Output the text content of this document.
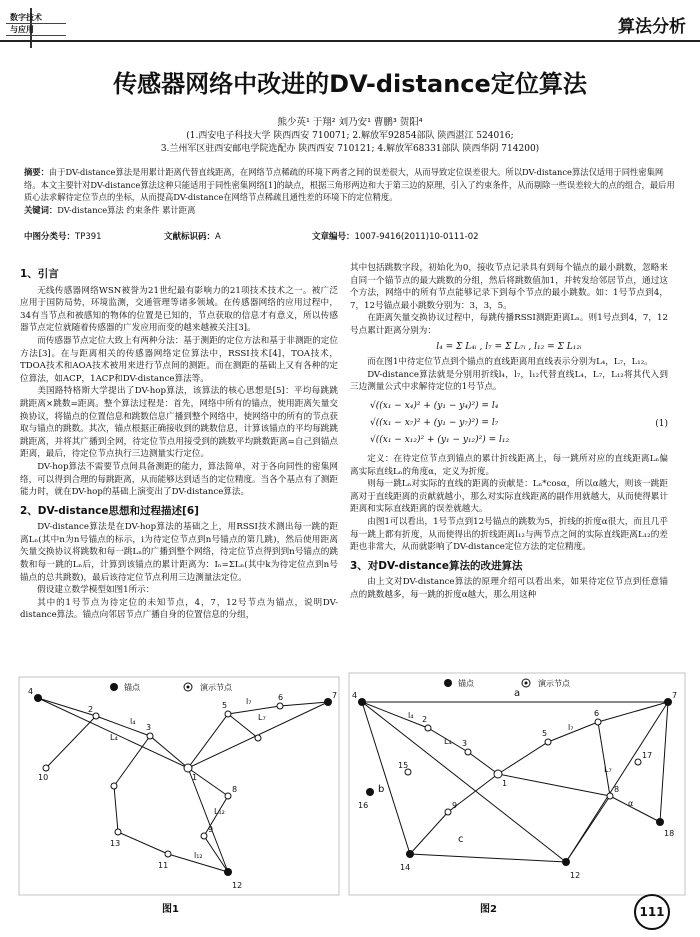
数字技术
与应用	算法分析
传感器网络中改进的DV-distance定位算法
熊少英¹ 于翔² 刘乃安¹ 曹鹏³ 贺阳⁴
(1.西安电子科技大学 陕西西安 710071; 2.解放军92854部队 陕西湛江 524016;
3.兰州军区驻西安邮电学院选配办 陕西西安 710121; 4.解放军68331部队 陕西华阴 714200)
摘要：由于DV-distance算法是用累计距离代替直线距离，在网络节点稀疏的环境下两者之间的误差很大，从而导致定位误差很大。所以DV-distance算法仅适用于同性密集网络。本文主要针对DV-distance算法这种只能适用于同性密集网络[1]的缺点，根据三角形两边和大于第三边的原理，引入了约束条件，从而剔除一些误差较大的点的组合，最后用质心法求解待定位节点的坐标，从而提高DV-distance在网络节点稀疏且通性差的环境下的定位精度。
关键词：DV-distance算法 约束条件 累计距离
中图分类号：TP391	文献标识码：A	文章编号：1007-9416(2011)10-0111-02
1、引言

无线传感器网络WSN被誉为21世纪最有影响力的21项技术技术之一。被广泛应用于国防局势，环境监测，交通管理等诸多领域。在传感器网络的应用过程中，34有当节点和被感知的物体的位置是已知的，节点获取的信息才有意义，所以传感器节点定位就随着传感器的广发应用而变的越来越被关注[3]。

而传感器节点定位大致上有两种分法：基于测距的定位方法和基于非测距的定位方法[3]。在与距离相关的传感器网络定位算法中，RSSI技术[4]，TOA技术，TDOA技术和AOA技术被用来进行节点间的测距。而在测距的基础上又有各种的定位算法，如ACP，1ACP和DV-distance算法等。

美国路特格斯大学提出了DV-hop算法，该算法的核心思想是[5]：平均每跳跳跳距离×跳数=距离。整个算法过程是：首先，网络中所有的锚点，使用距离矢量交换协议，将锚点的位置信息和跳数信息广播到整个网络中，使网络中的所有的节点获取与锚点的跳数。其次，锚点根据正确接收到的跳数信息，计算该锚点的平均每跳跳跳距离，并将其广播到全网，待定位节点用接受到的跳数平均跳数距离=自己到锚点距离，最后，待定位节点执行三边测量实行定位。

DV-hop算法不需要节点间具备测距的能力，算法简单，对于各向同性的密集网络，可以得到合理的每跳距离，从而能够达到适当的定位精度。当各个基点有了测距能力时，就在DV-hop的基础上演变出了DV-distance算法。

2、DV-distance思想和过程描述[6]

DV-distance算法是在DV-hop算法的基础之上，用RSSI技术测出每一跳的距离Lₙ(其中n为n号锚点的标示，i为待定位节点到n号锚点的第几跳)，然后使用距离矢量交换协议将跳数和每一跳Lₙ的广播到整个网络，待定位节点得到到n号锚点的跳数和每一跳的Lₙ后，计算到该锚点的累计距离为：Iₙ=ΣLₙ(其中k为待定位点到n号锚点的总共跳数)，最后该待定位节点利用三边测量法定位。

假设建立数学模型如图1所示：

其中的1号节点为待定位的未知节点，4，7，12号节点为锚点，说明DV-distance算法。锚点向邻居节点广播自身的位置信息的分组，

其中包括跳数字段，初始化为0，接收节点记录具有到每个锚点的最小跳数，忽略来自同一个锚节点的最大跳数的分组，然后将跳数值加1，并转发给邻居节点，通过这个方法，网络中的所有节点能够记录下到每个节点的最小跳数。如：1号节点到4，7，12号锚点最小跳数分别为：3，3，5。

在距离矢量交换协议过程中，每跳传播RSSI测距距离Lₙ。则1号点到4，7，12号点累计距离分别为：

l₄ = Σ L₄ᵢ , l₇ = Σ L₇ᵢ , l₁₂ = Σ L₁₂ᵢ

而在图1中待定位节点到个锚点的直线距离用直线表示分别为L₄，L₇，L₁₂。

DV-distance算法就是分别用折线l₄，l₇，l₁₂代替直线L₄，L₇，L₁₂将其代入到三边测量公式中求解待定位的1号节点。

√((x₁ − x₄)² + (y₁ − y₄)²) = l₄
√((x₁ − x₇)² + (y₁ − y₇)²) = l₇
√((x₁ − x₁₂)² + (y₁ − y₁₂)²) = l₁₂
(1)

定义：在待定位节点到锚点的累计折线距离上，每一跳所对应的直线距离Lₙ偏离实际直线Lₙ的角度α，定义为折度。

则每一跳Lₙ对实际的直线的距离的贡献是：Lₙ*cosα，所以α越大，则该一跳距离对于直线距离的贡献就越小，那么对实际直线距离的副作用就越大，从而使得累计距离和实际直线距离的误差就越大。

由图1可以看出，1号节点到12号锚点的跳数为5，折线的折度α很大，而且几乎每一跳上都有折度，从而使得出的折线距离l₁₂与两节点之间的实际直线距离L₁₂的差距也非常大，从而就影响了DV-distance定位方法的定位精度。

3、对DV-distance算法的改进算法

由上文对DV-distance算法的原理介绍可以看出来，如果待定位节点到任意锚点的跳数越多，每一跳的折度α越大，那么用这种

锚点	演示节点
4	7
12
1
2
3
5
6
8
9
10
11
13
L₄
L₇
L₁₂
l₄
l₇
l₁₂
图1
锚点	演示节点
4	7
12
14
16
18
1
2
3
5
6
8
9
15
17
a
b
c
L₄
L₇
l₄
l₇
α
图2	111
